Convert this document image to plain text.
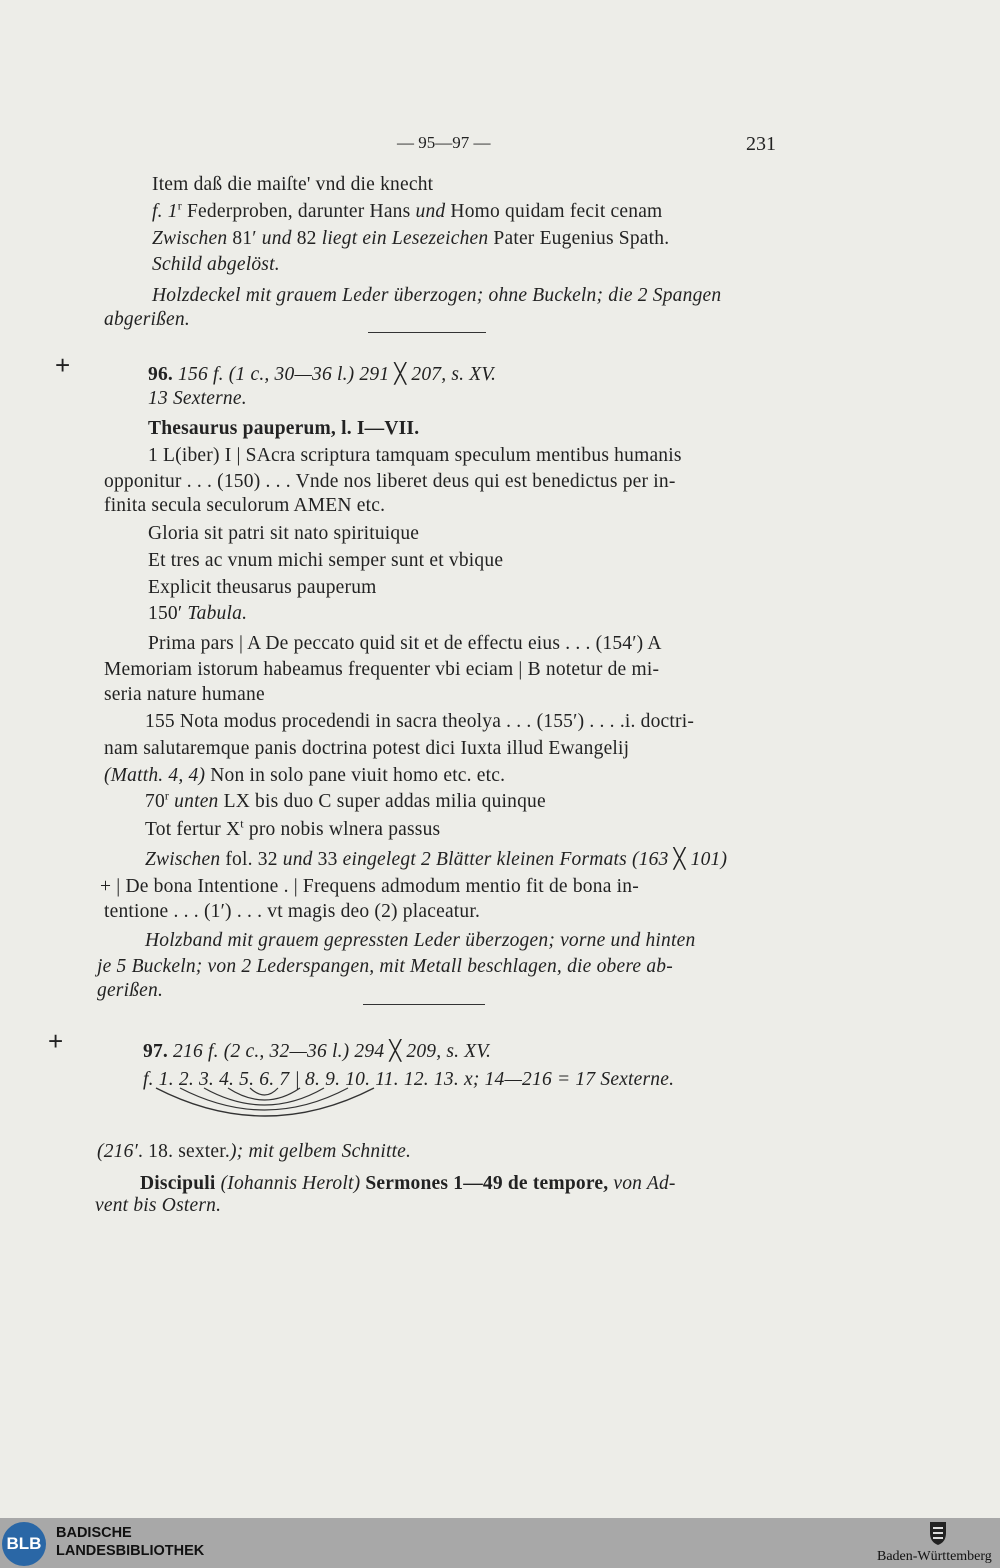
— 95—97 —	231
+
+
Item daß die maiſte' vnd die knecht
f. 1$^r$ Federproben, darunter Hans und Homo quidam fecit cenam
Zwischen 81′ und 82 liegt ein Lesezeichen Pater Eugenius Spath.
Schild abgelöst.
Holzdeckel mit grauem Leder überzogen; ohne Buckeln; die 2 Spangen
abgerißen.
96. 156 f. (1 c., 30—36 l.) 291 ╳ 207, s. XV.
13 Sexterne.
Thesaurus pauperum, l. I—VII.
1 L(iber) I | SAcra scriptura tamquam speculum mentibus humanis
opponitur . . . (150) . . . Vnde nos liberet deus qui est benedictus per in-
finita secula seculorum AMEN etc.
Gloria sit patri sit nato spirituique
Et tres ac vnum michi semper sunt et vbique
Explicit theusarus pauperum
150′ Tabula.
Prima pars | A De peccato quid sit et de effectu eius . . . (154′) A
Memoriam istorum habeamus frequenter vbi eciam | B notetur de mi-
seria nature humane
155 Nota modus procedendi in sacra theolya . . . (155′) . . . .i. doctri-
nam salutaremque panis doctrina potest dici Iuxta illud Ewangelij
(Matth. 4, 4) Non in solo pane viuit homo etc. etc.
70$^r$ unten LX bis duo C super addas milia quinque
Tot fertur $X^t$ pro nobis wlnera passus
Zwischen fol. 32 und 33 eingelegt 2 Blätter kleinen Formats (163 ╳ 101)
+ | De bona Intentione . | Frequens admodum mentio fit de bona in-
tentione . . . (1′) . . . vt magis deo (2) placeatur.
Holzband mit grauem gepressten Leder überzogen; vorne und hinten
je 5 Buckeln; von 2 Lederspangen, mit Metall beschlagen, die obere ab-
gerißen.
97. 216 f. (2 c., 32—36 l.) 294 ╳ 209, s. XV.
f. 1. 2. 3. 4. 5. 6. 7 | 8. 9. 10. 11. 12. 13. x; 14—216 = 17 Sexterne.
(216′. 18. sexter.); mit gelbem Schnitte.
Discipuli (Iohannis Herolt) Sermones 1—49 de tempore, von Ad-
vent bis Ostern.
BLB
BADISCHE
LANDESBIBLIOTHEK	Baden-Württemberg
